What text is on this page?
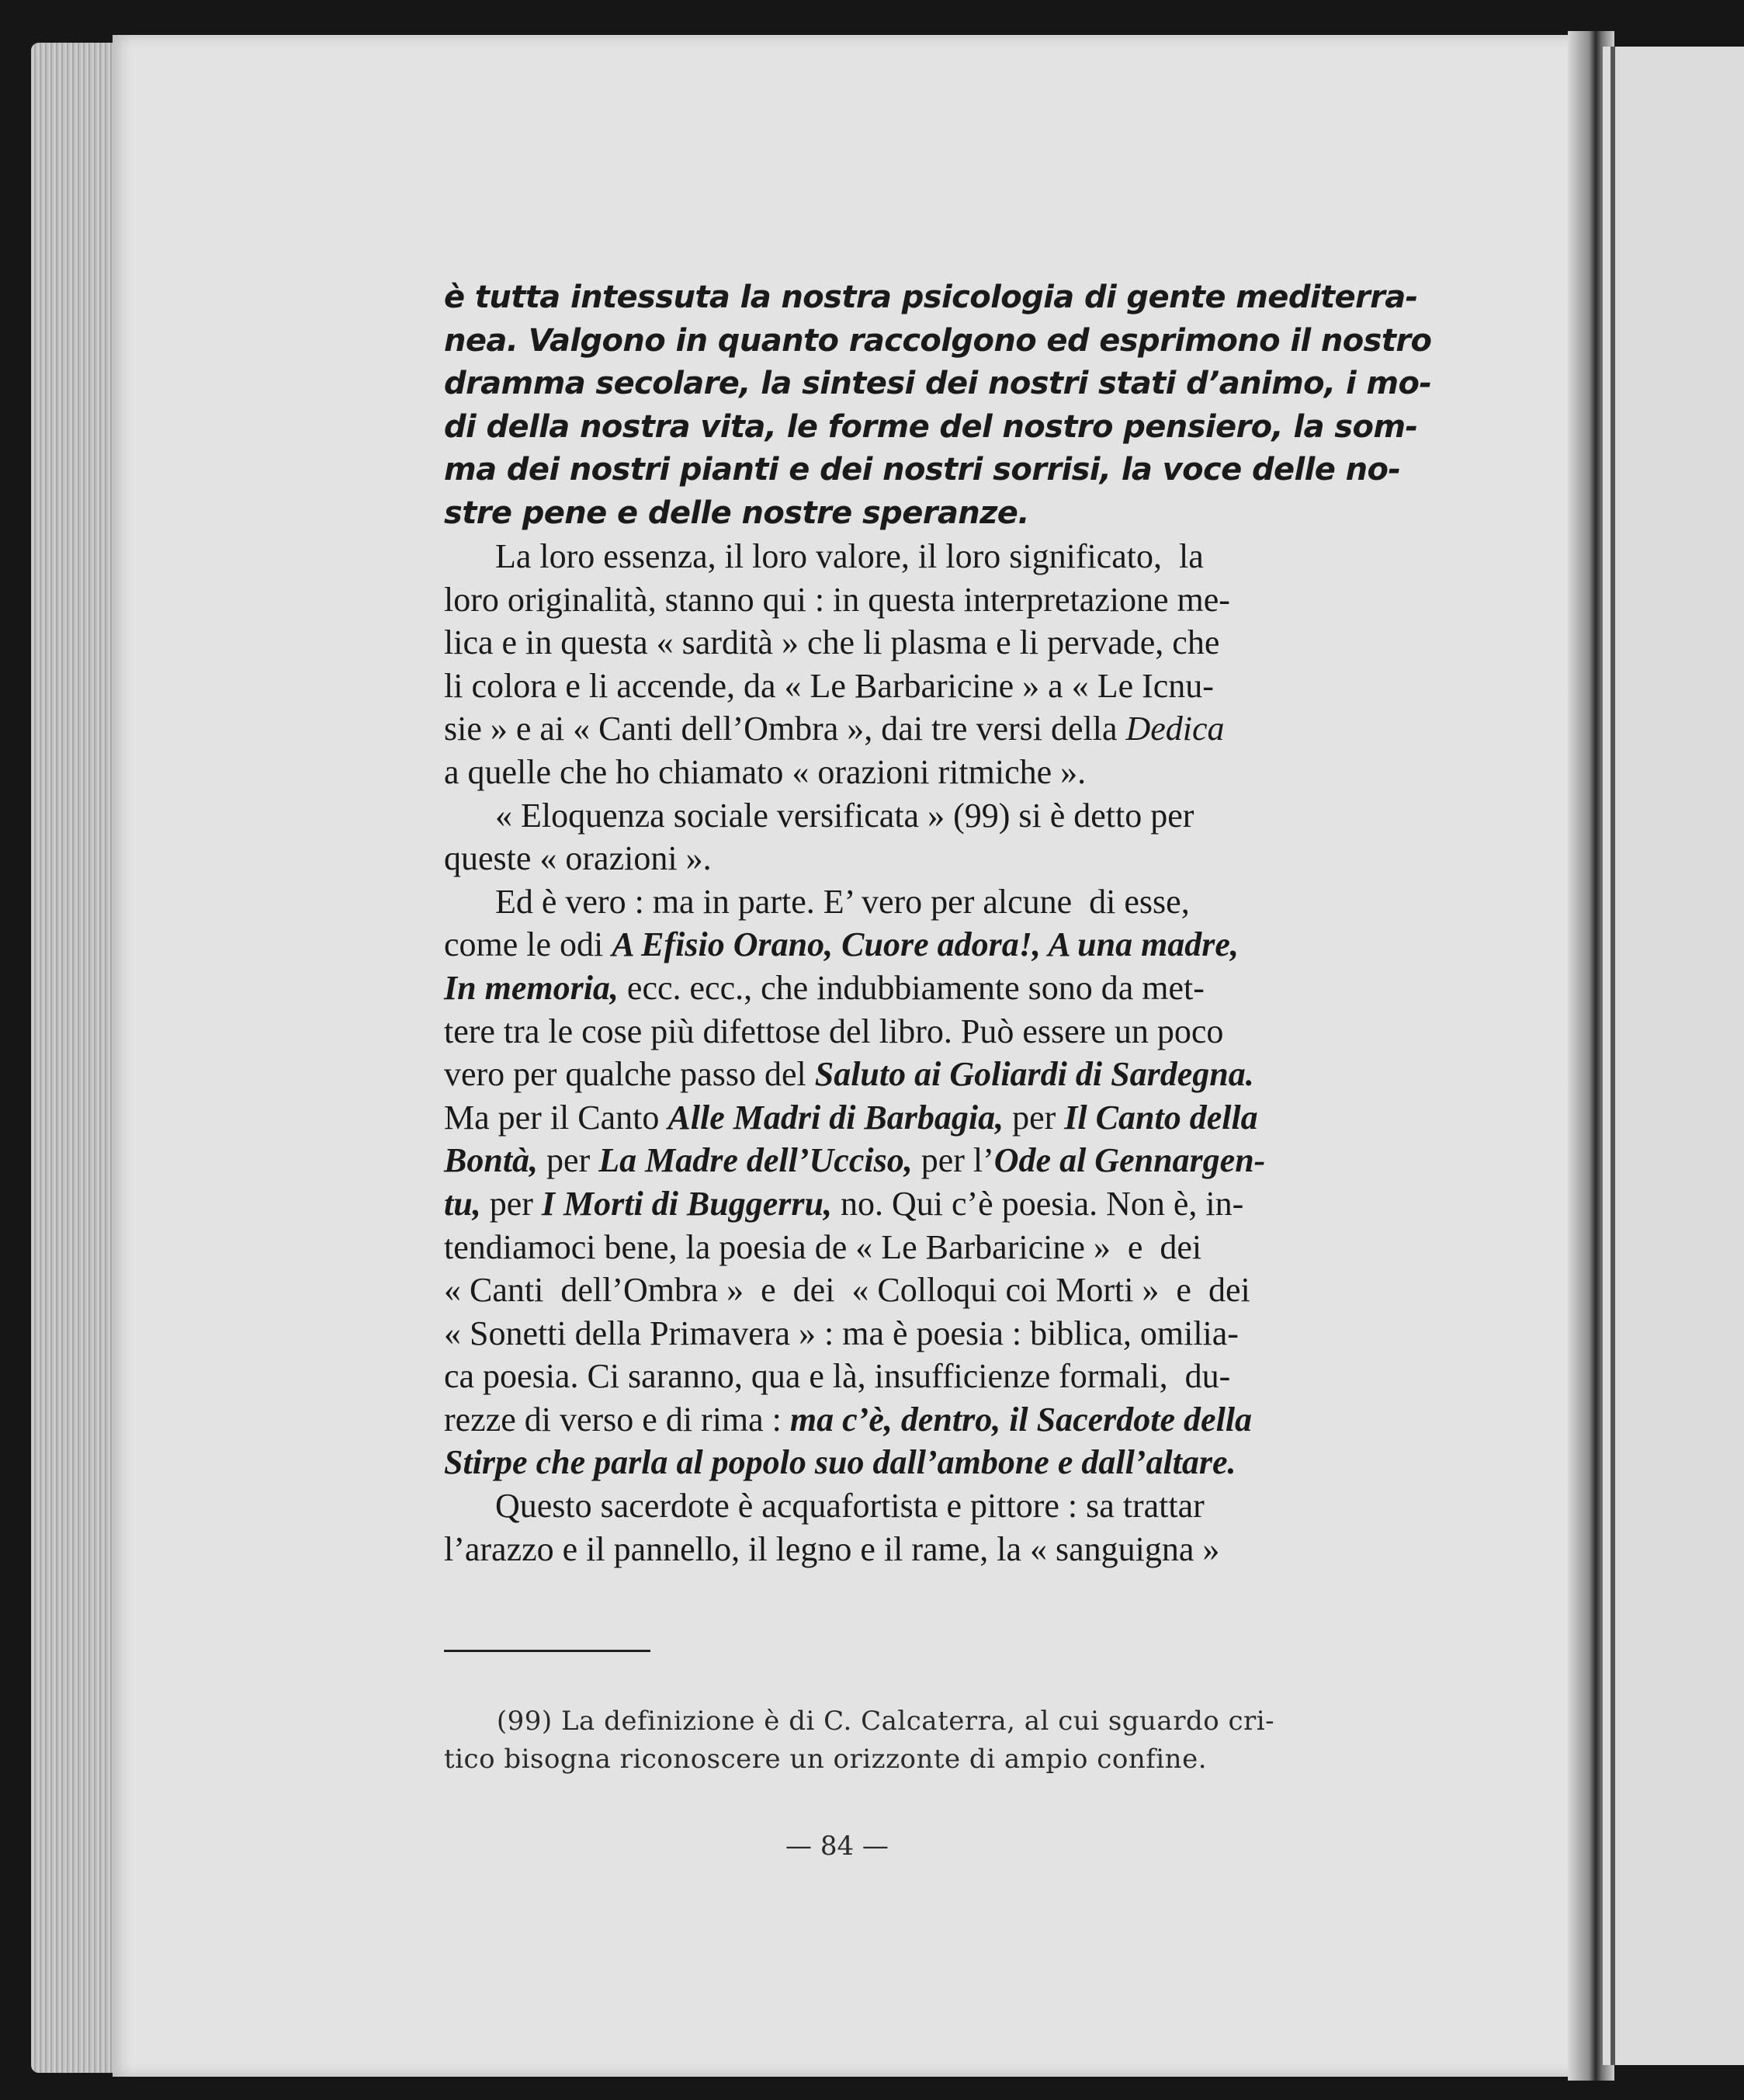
è tutta intessuta la nostra psicologia di gente mediterra-
nea. Valgono in quanto raccolgono ed esprimono il nostro
dramma secolare, la sintesi dei nostri stati d’animo, i mo-
di della nostra vita, le forme del nostro pensiero, la som-
ma dei nostri pianti e dei nostri sorrisi, la voce delle no-
stre pene e delle nostre speranze.
La loro essenza, il loro valore, il loro significato,  la
loro originalità, stanno qui : in questa interpretazione me-
lica e in questa « sardità » che li plasma e li pervade, che
li colora e li accende, da « Le Barbaricine » a « Le Icnu-
sie » e ai « Canti dell’Ombra », dai tre versi della Dedica
a quelle che ho chiamato « orazioni ritmiche ».
« Eloquenza sociale versificata » (99) si è detto per
queste « orazioni ».
Ed è vero : ma in parte. E’ vero per alcune  di esse,
come le odi A Efisio Orano, Cuore adora!, A una madre,
In memoria, ecc. ecc., che indubbiamente sono da met-
tere tra le cose più difettose del libro. Può essere un poco
vero per qualche passo del Saluto ai Goliardi di Sardegna.
Ma per il Canto Alle Madri di Barbagia, per Il Canto della
Bontà, per La Madre dell’Ucciso, per l’Ode al Gennargen-
tu, per I Morti di Buggerru, no. Qui c’è poesia. Non è, in-
tendiamoci bene, la poesia de « Le Barbaricine »  e  dei
« Canti  dell’Ombra »  e  dei  « Colloqui coi Morti »  e  dei
« Sonetti della Primavera » : ma è poesia : biblica, omilia-
ca poesia. Ci saranno, qua e là, insufficienze formali,  du-
rezze di verso e di rima : ma c’è, dentro, il Sacerdote della
Stirpe che parla al popolo suo dall’ambone e dall’altare.
Questo sacerdote è acquafortista e pittore : sa trattar
l’arazzo e il pannello, il legno e il rame, la « sanguigna »
(99) La definizione è di C. Calcaterra, al cui sguardo cri-
tico bisogna riconoscere un orizzonte di ampio confine.
— 84 —
